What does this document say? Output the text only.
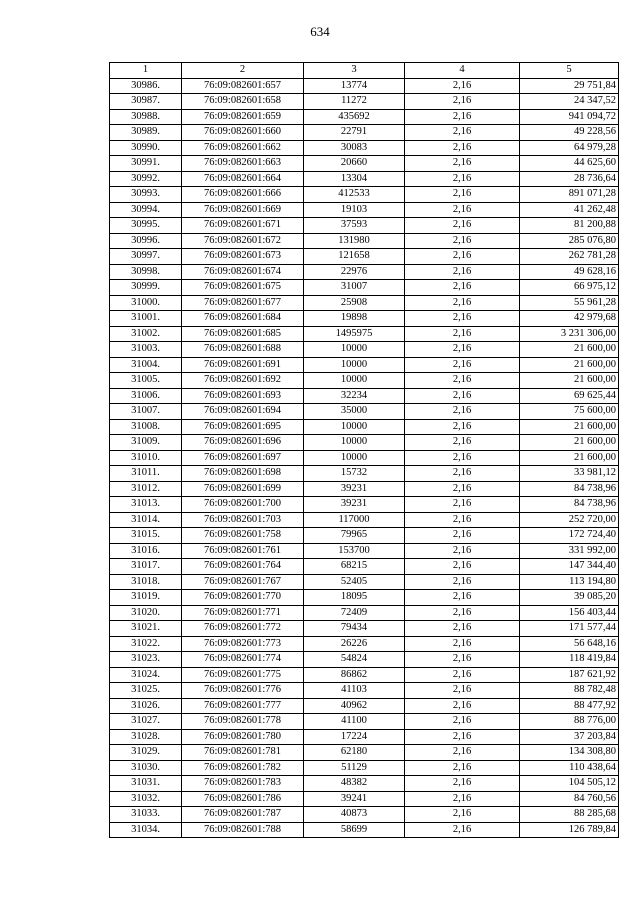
634
1	2	3	4	5
30986.	76:09:082601:657	13774	2,16	29 751,84
30987.	76:09:082601:658	11272	2,16	24 347,52
30988.	76:09:082601:659	435692	2,16	941 094,72
30989.	76:09:082601:660	22791	2,16	49 228,56
30990.	76:09:082601:662	30083	2,16	64 979,28
30991.	76:09:082601:663	20660	2,16	44 625,60
30992.	76:09:082601:664	13304	2,16	28 736,64
30993.	76:09:082601:666	412533	2,16	891 071,28
30994.	76:09:082601:669	19103	2,16	41 262,48
30995.	76:09:082601:671	37593	2,16	81 200,88
30996.	76:09:082601:672	131980	2,16	285 076,80
30997.	76:09:082601:673	121658	2,16	262 781,28
30998.	76:09:082601:674	22976	2,16	49 628,16
30999.	76:09:082601:675	31007	2,16	66 975,12
31000.	76:09:082601:677	25908	2,16	55 961,28
31001.	76:09:082601:684	19898	2,16	42 979,68
31002.	76:09:082601:685	1495975	2,16	3 231 306,00
31003.	76:09:082601:688	10000	2,16	21 600,00
31004.	76:09:082601:691	10000	2,16	21 600,00
31005.	76:09:082601:692	10000	2,16	21 600,00
31006.	76:09:082601:693	32234	2,16	69 625,44
31007.	76:09:082601:694	35000	2,16	75 600,00
31008.	76:09:082601:695	10000	2,16	21 600,00
31009.	76:09:082601:696	10000	2,16	21 600,00
31010.	76:09:082601:697	10000	2,16	21 600,00
31011.	76:09:082601:698	15732	2,16	33 981,12
31012.	76:09:082601:699	39231	2,16	84 738,96
31013.	76:09:082601:700	39231	2,16	84 738,96
31014.	76:09:082601:703	117000	2,16	252 720,00
31015.	76:09:082601:758	79965	2,16	172 724,40
31016.	76:09:082601:761	153700	2,16	331 992,00
31017.	76:09:082601:764	68215	2,16	147 344,40
31018.	76:09:082601:767	52405	2,16	113 194,80
31019.	76:09:082601:770	18095	2,16	39 085,20
31020.	76:09:082601:771	72409	2,16	156 403,44
31021.	76:09:082601:772	79434	2,16	171 577,44
31022.	76:09:082601:773	26226	2,16	56 648,16
31023.	76:09:082601:774	54824	2,16	118 419,84
31024.	76:09:082601:775	86862	2,16	187 621,92
31025.	76:09:082601:776	41103	2,16	88 782,48
31026.	76:09:082601:777	40962	2,16	88 477,92
31027.	76:09:082601:778	41100	2,16	88 776,00
31028.	76:09:082601:780	17224	2,16	37 203,84
31029.	76:09:082601:781	62180	2,16	134 308,80
31030.	76:09:082601:782	51129	2,16	110 438,64
31031.	76:09:082601:783	48382	2,16	104 505,12
31032.	76:09:082601:786	39241	2,16	84 760,56
31033.	76:09:082601:787	40873	2,16	88 285,68
31034.	76:09:082601:788	58699	2,16	126 789,84
